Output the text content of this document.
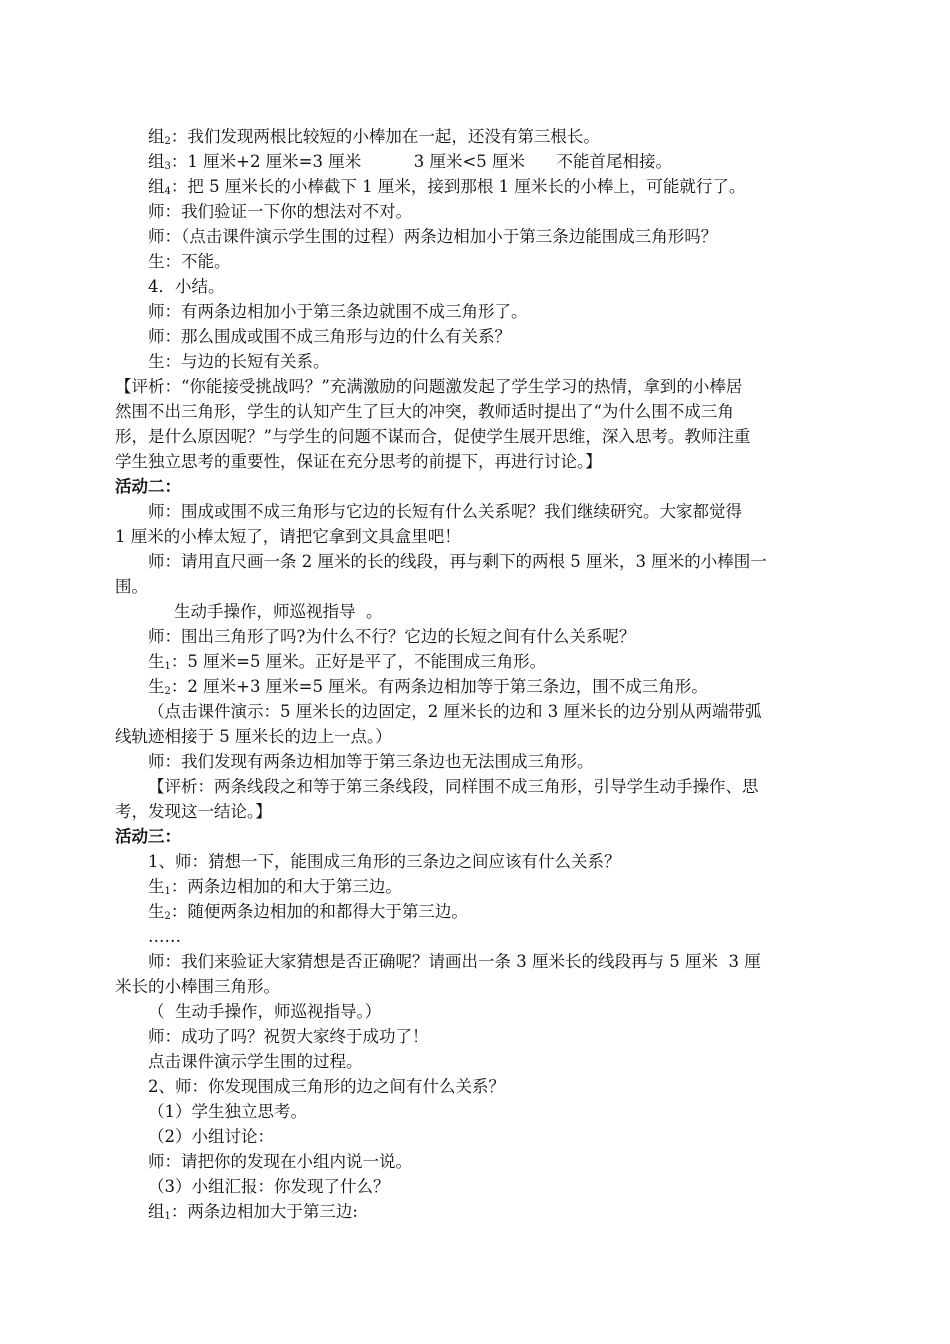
组$_2$：我们发现两根比较短的小棒加在一起，还没有第三根长。
组$_3$：1 厘米+2 厘米=3 厘米          3 厘米<5 厘米      不能首尾相接。
组$_4$：把 5 厘米长的小棒截下 1 厘米，接到那根 1 厘米长的小棒上，可能就行了。
师：我们验证一下你的想法对不对。
师：（点击课件演示学生围的过程）两条边相加小于第三条边能围成三角形吗？
生：不能。
4．小结。
师：有两条边相加小于第三条边就围不成三角形了。
师：那么围成或围不成三角形与边的什么有关系？
生：与边的长短有关系。
【评析：“你能接受挑战吗？”充满激励的问题激发起了学生学习的热情，拿到的小棒居
然围不出三角形，学生的认知产生了巨大的冲突，教师适时提出了“为什么围不成三角
形，是什么原因呢？”与学生的问题不谋而合，促使学生展开思维，深入思考。教师注重
学生独立思考的重要性，保证在充分思考的前提下，再进行讨论。】
活动二：
师：围成或围不成三角形与它边的长短有什么关系呢？我们继续研究。大家都觉得
1 厘米的小棒太短了，请把它拿到文具盒里吧！
师：请用直尺画一条 2 厘米的长的线段，再与剩下的两根 5 厘米，3 厘米的小棒围一
围。
生动手操作，师巡视指导  。
师：围出三角形了吗?为什么不行？它边的长短之间有什么关系呢？
生$_1$：5 厘米=5 厘米。正好是平了，不能围成三角形。
生$_2$：2 厘米+3 厘米=5 厘米。有两条边相加等于第三条边，围不成三角形。
（点击课件演示：5 厘米长的边固定，2 厘米长的边和 3 厘米长的边分别从两端带弧
线轨迹相接于 5 厘米长的边上一点。）
师：我们发现有两条边相加等于第三条边也无法围成三角形。
【评析：两条线段之和等于第三条线段，同样围不成三角形，引导学生动手操作、思
考，发现这一结论。】
活动三：
1、师：猜想一下，能围成三角形的三条边之间应该有什么关系？
生$_1$：两条边相加的和大于第三边。
生$_2$：随便两条边相加的和都得大于第三边。
……
师：我们来验证大家猜想是否正确呢？请画出一条 3 厘米长的线段再与 5 厘米  3 厘
米长的小棒围三角形。
（  生动手操作，师巡视指导。）
师：成功了吗？祝贺大家终于成功了！
点击课件演示学生围的过程。
2、师：你发现围成三角形的边之间有什么关系？
（1）学生独立思考。
（2）小组讨论：
师：请把你的发现在小组内说一说。
（3）小组汇报：你发现了什么？
组$_1$：两条边相加大于第三边:
